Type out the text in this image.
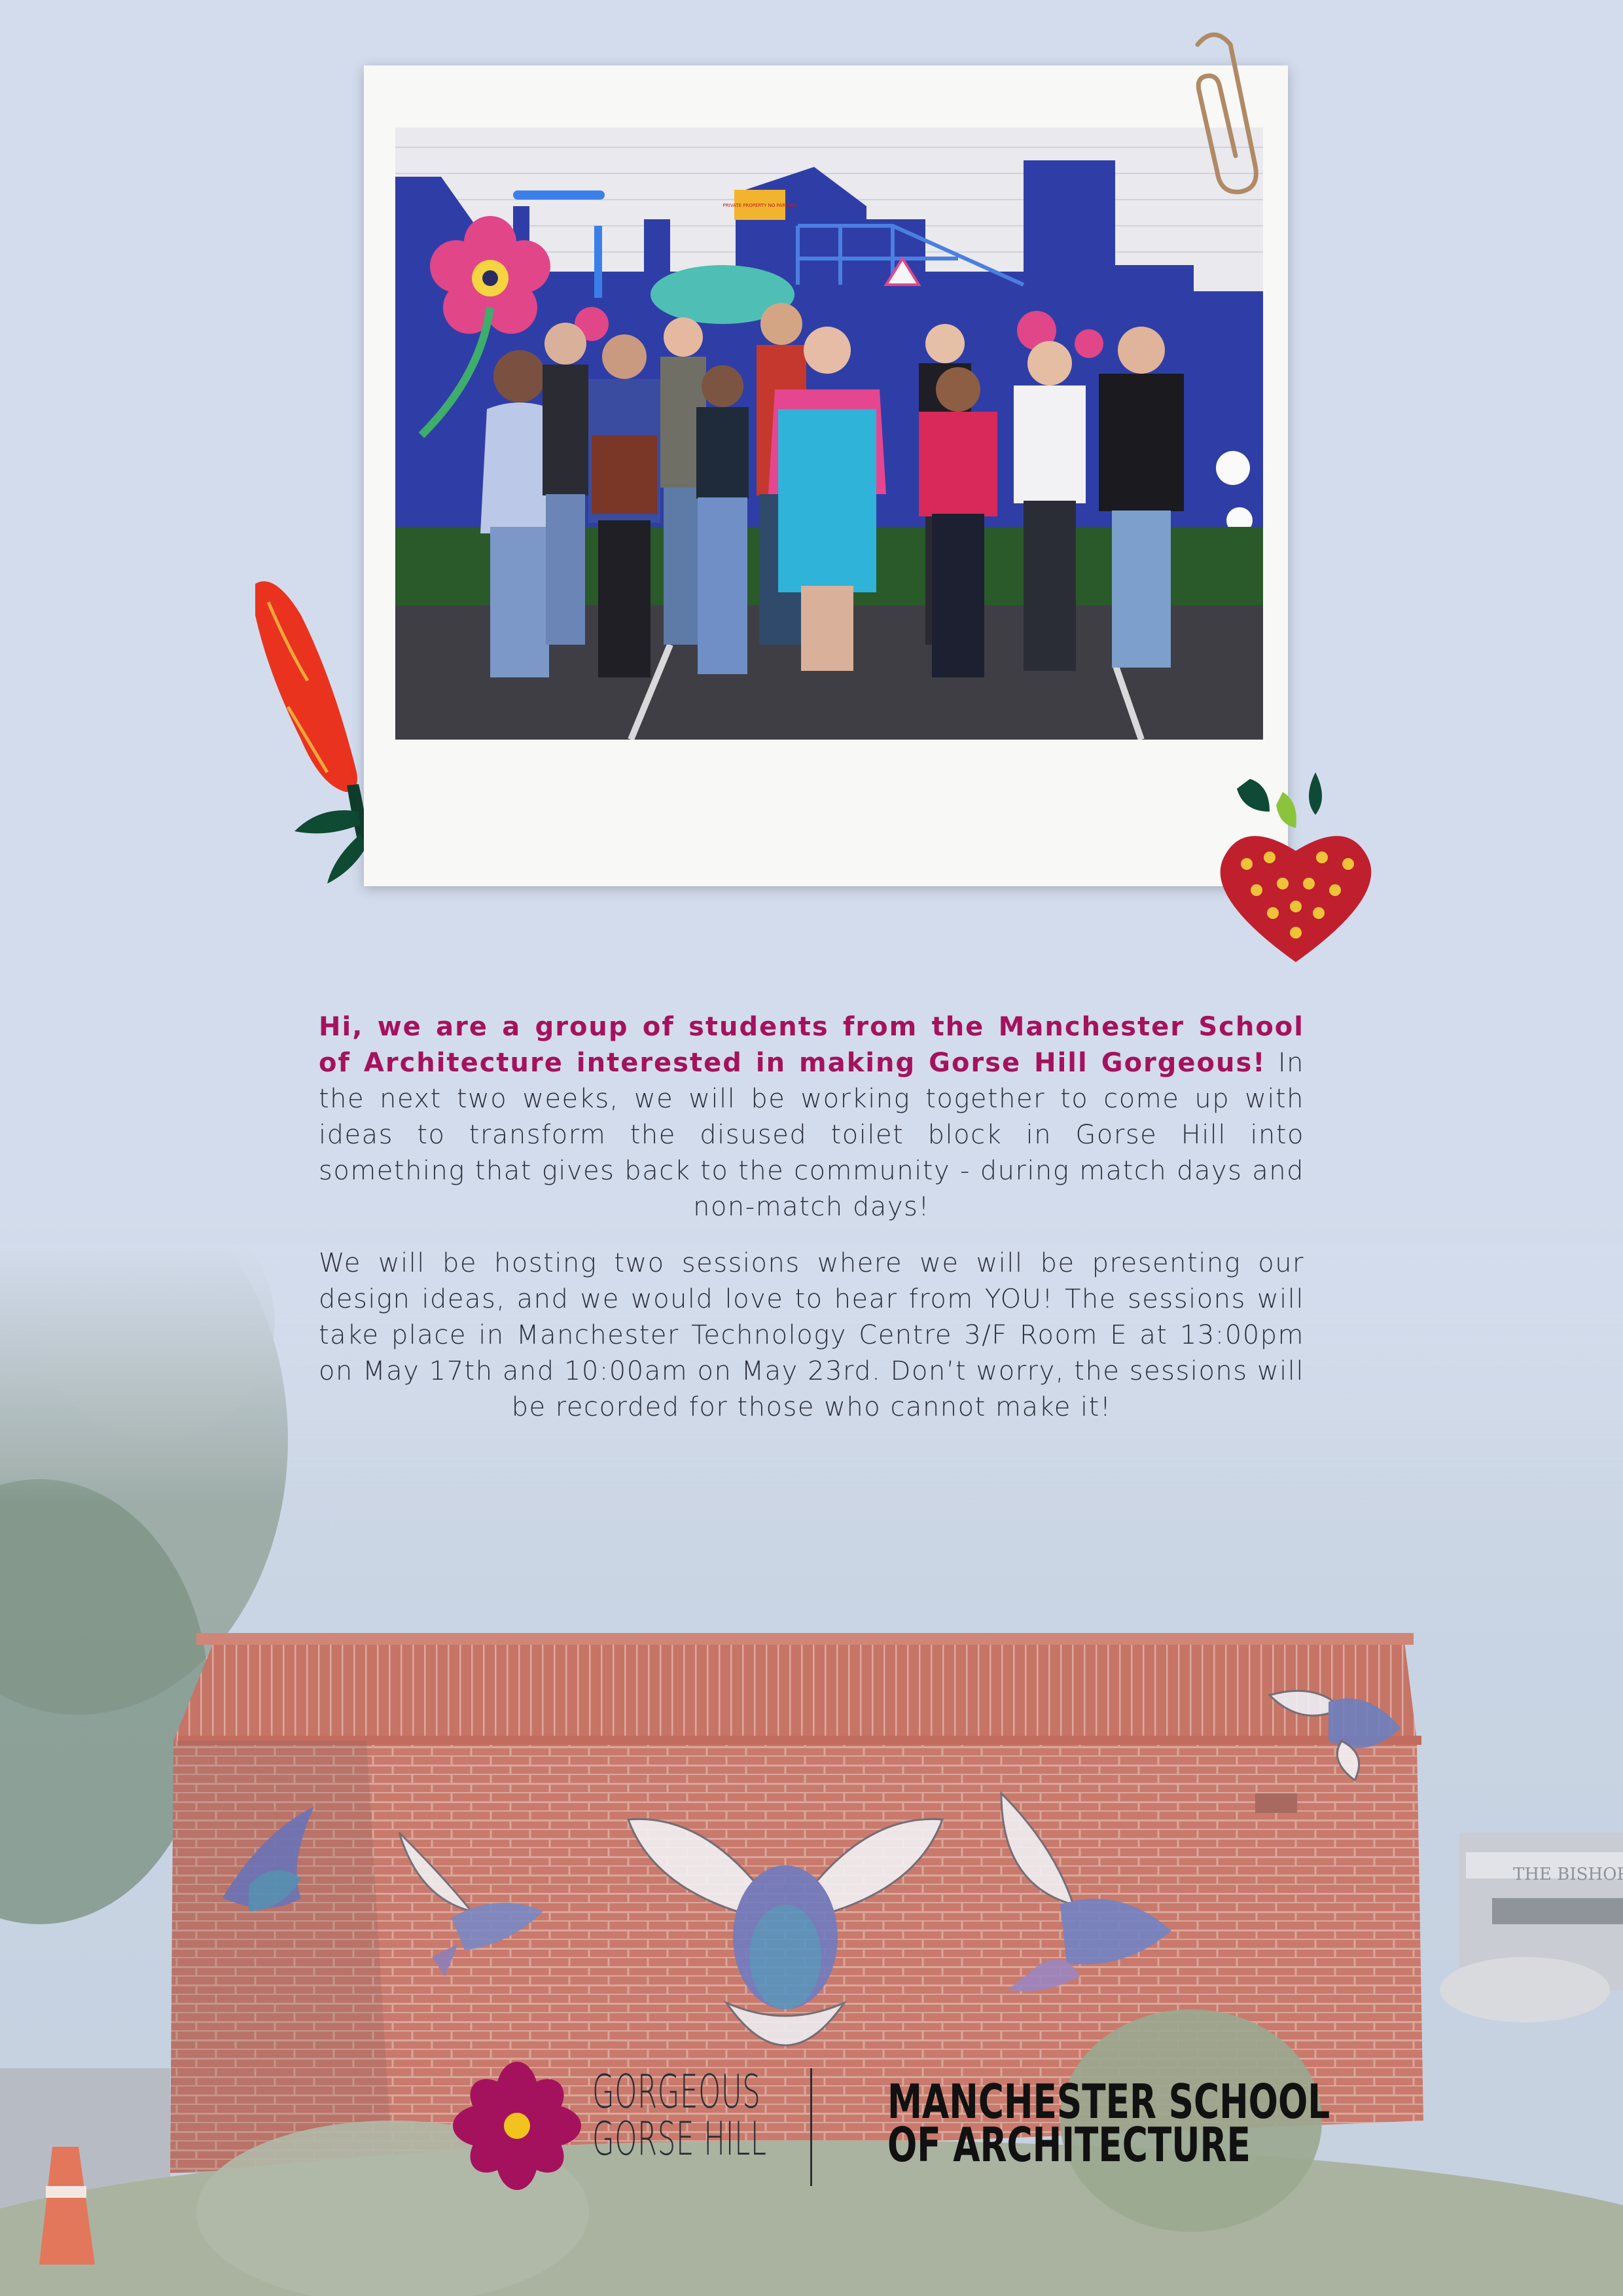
PRIVATE PROPERTY NO PARKING
Hi, we are a group of students from the Manchester School of Architecture interested in making Gorse Hill Gorgeous! In the next two weeks, we will be working together to come up with ideas to transform the disused toilet block in Gorse Hill into something that gives back to the community - during match days and non-match days!
We will be hosting two sessions where we will be presenting our design ideas, and we would love to hear from YOU! The sessions will take place in Manchester Technology Centre 3/F Room E at 13:00pm on May 17th and 10:00am on May 23rd. Don’t worry, the sessions will be recorded for those who cannot make it!
GORGEOUS
GORSE HILL
MANCHESTER SCHOOL
OF ARCHITECTURE
